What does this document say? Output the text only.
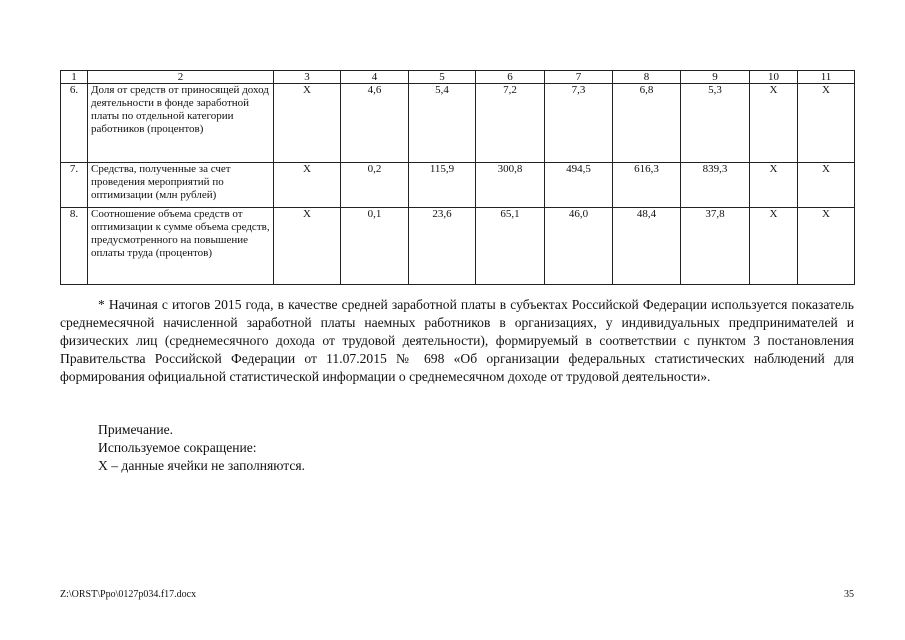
1	2	3	4	5	6	7	8	9	10	11
6.	Доля от средств от приносящей доход деятельности в фонде заработной платы по отдельной категории работников (процентов)	Х	4,6	5,4	7,2	7,3	6,8	5,3	Х	Х
7.	Средства, полученные за счет проведения мероприятий по оптимизации (млн рублей)	Х	0,2	115,9	300,8	494,5	616,3	839,3	Х	Х
8.	Соотношение объема средств от оптимизации к сумме объема средств, предусмотренного на повышение оплаты труда (процентов)	Х	0,1	23,6	65,1	46,0	48,4	37,8	Х	Х

* Начиная с итогов 2015 года, в качестве средней заработной платы в субъектах Российской Федерации используется показатель среднемесячной начисленной заработной платы наемных работников в организациях, у индивидуальных предпринимателей и физических лиц (среднемесячного дохода от трудовой деятельности), формируемый в соответствии с пунктом 3 постановления Правительства Российской Федерации от 11.07.2015 № 698 «Об организации федеральных статистических наблюдений для формирования официальной статистической информации о среднемесячном доходе от трудовой деятельности».

Примечание.
Используемое сокращение:
Х – данные ячейки не заполняются.
Z:\ORST\Ppo\0127p034.f17.docx	35
